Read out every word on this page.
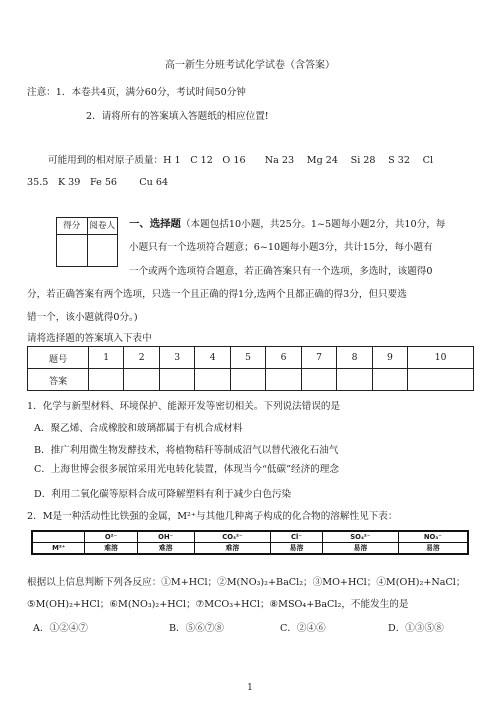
高一新生分班考试化学试卷（含答案）
注意：1．本卷共4页，满分60分，考试时间50分钟
2．请将所有的答案填入答题纸的相应位置!
可能用到的相对原子质量：H 1　C 12　O 16　　Na 23　 Mg 24　 Si 28　 S 32　 Cl
35.5　K 39　Fe 56　　 Cu 64
得分	阅卷人 一、选择题（本题包括10小题，共25分。1~5题每小题2分，共10分，每
小题只有一个选项符合题意；6~10题每小题3分，共计15分，每小题有
一个或两个选项符合题意，若正确答案只有一个选项，多选时，该题得0
分，若正确答案有两个选项，只选一个且正确的得1分,选两个且都正确的得3分，但只要选
错一个，该小题就得0分。)
请将选择题的答案填入下表中
题号	1	2	3	4	5	6	7	8	9	10
答案										
1．化学与新型材料、环境保护、能源开发等密切相关。下列说法错误的是
A．聚乙烯、合成橡胶和玻璃都属于有机合成材料
B．推广利用微生物发酵技术，将植物秸秆等制成沼气以替代液化石油气
C．上海世博会很多展馆采用光电转化装置，体现当今“低碳”经济的理念
D．利用二氧化碳等原料合成可降解塑料有利于减少白色污染
2．M是一种活动性比铁强的金属，M²⁺与其他几种离子构成的化合物的溶解性见下表：
	O²⁻	OH⁻	CO₃²⁻	Cl⁻	SO₄²⁻	NO₃⁻
M²⁺	难溶	难溶	难溶	易溶	易溶	易溶
根据以上信息判断下列各反应：①M+HCl；②M(NO₃)₂+BaCl₂；③MO+HCl；④M(OH)₂+NaCl；
⑤M(OH)₂+HCl；⑥M(NO₃)₂+HCl；⑦MCO₃+HCl；⑧MSO₄+BaCl₂，不能发生的是
A．①②④⑦	B．⑤⑥⑦⑧	C．②④⑥	D．①③⑤⑧
1
